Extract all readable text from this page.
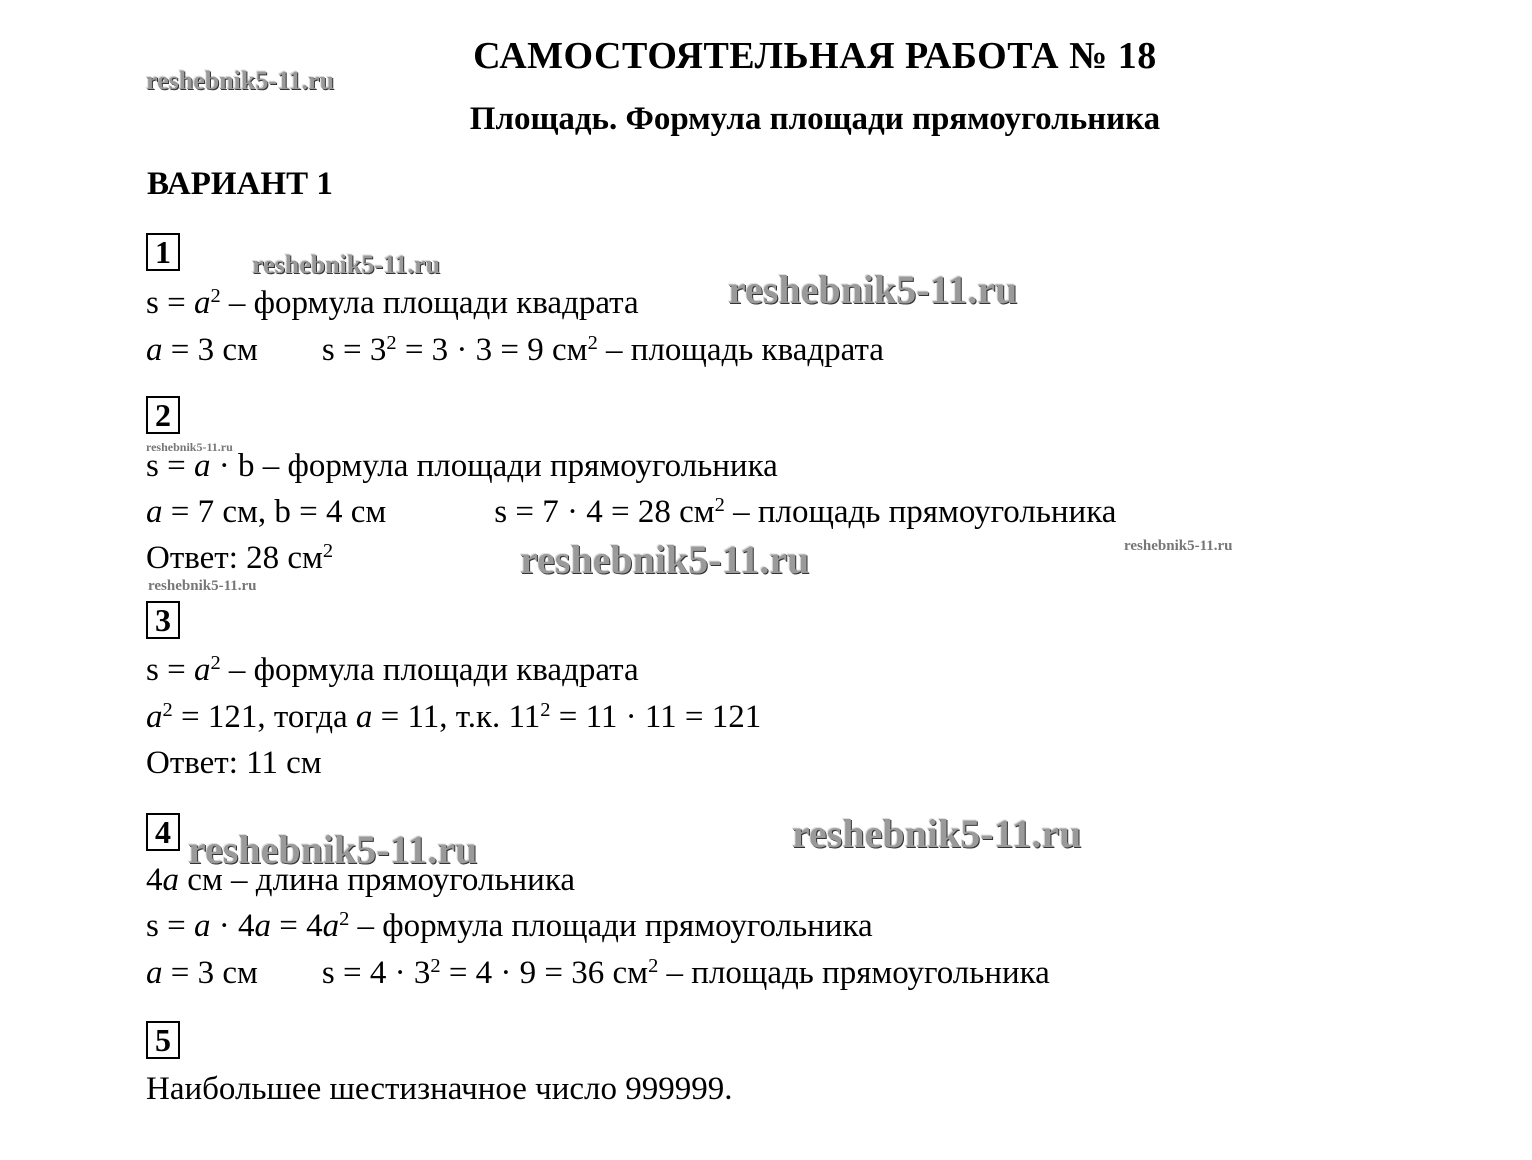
САМОСТОЯТЕЛЬНАЯ РАБОТА № 18
Площадь. Формула площади прямоугольника
ВАРИАНТ 1
reshebnik5-11.ru
reshebnik5-11.ru
reshebnik5-11.ru
reshebnik5-11.ru
reshebnik5-11.ru	reshebnik5-11.ru
reshebnik5-11.ru
reshebnik5-11.ru	reshebnik5-11.ru
1
$s = a^2$ – формула площади квадрата
a = 3 см $s = 3^2 = 3 \cdot 3 = 9$ $см^2$ – площадь квадрата
2
s = a · b – формула площади прямоугольника
a = 7 см, b = 4 см	s = 7 · 4 = 28 $см^2$ – площадь прямоугольника
Ответ: 28 $см^2$
3
$s = a^2$ – формула площади квадрата
$a^2 = 121$, тогда a = 11, т.к. $11^2 = 11 \cdot 11 = 121$
Ответ: 11 см
4
4a см – длина прямоугольника
$s = a \cdot 4a = 4a^2$ – формула площади прямоугольника
a = 3 см $s = 4 \cdot 3^2 = 4 \cdot 9 = 36$ $см^2$ – площадь прямоугольника
5
Наибольшее шестизначное число 999999.
